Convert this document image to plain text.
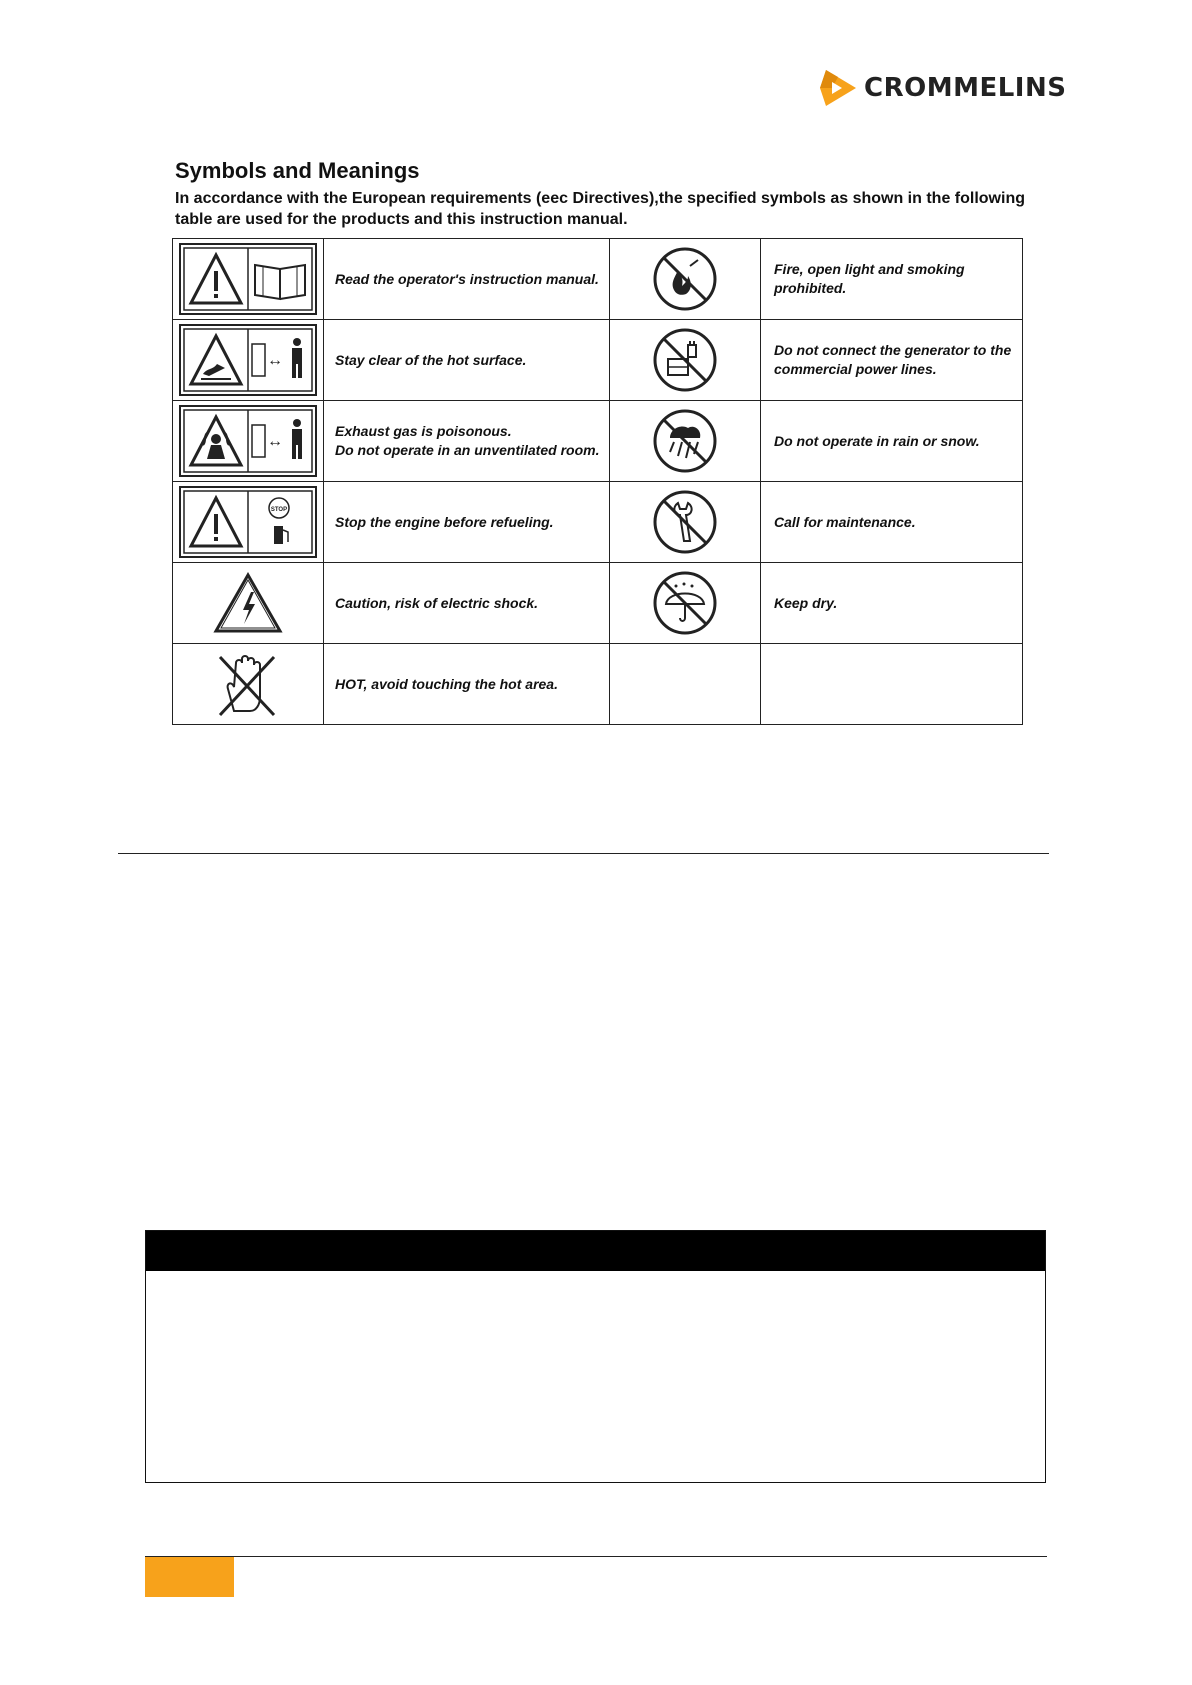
CROMMELINS
Symbols and Meanings
In accordance with the European requirements (eec Directives),the specified symbols as shown in the following table are used for the products and this instruction manual.
	Read the operator's instruction manual.		Fire, open light and smoking prohibited.

↔	Stay clear of the hot surface.		Do not connect the generator to the commercial power lines.

↔	Exhaust gas is poisonous.
Do not operate in an unventilated room.		Do not operate in rain or snow.

STOP	Stop the engine before refueling.		Call for maintenance.

	Caution, risk of electric shock.		Keep dry.

	HOT, avoid touching the hot area.		
